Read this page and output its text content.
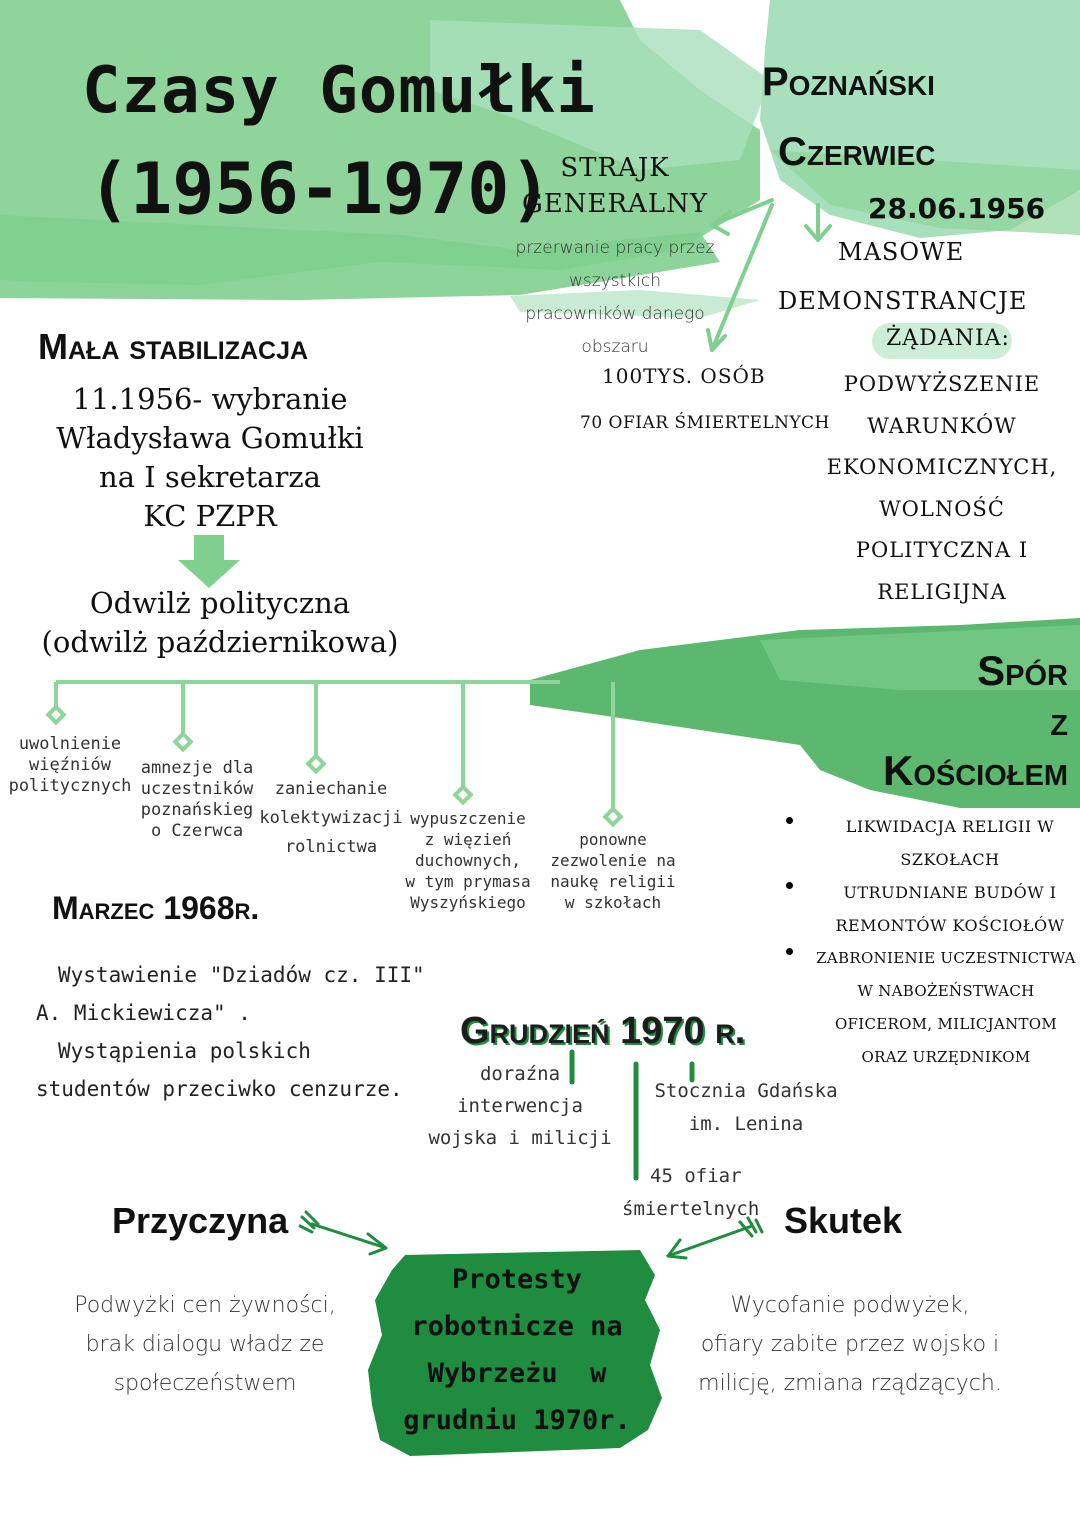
Czasy Gomułki
(1956-1970)
Poznański
Czerwiec
28.06.1956
MASOWE
DEMONSTRANCJE
ŻĄDANIA:
PODWYŻSZENIE
WARUNKÓW
EKONOMICZNYCH,
WOLNOŚĆ
POLITYCZNA I
RELIGIJNA
STRAJK
GENERALNY
przerwanie pracy przez
wszystkich
pracowników danego
obszaru
100TYS. OSÓB
70 OFIAR ŚMIERTELNYCH
Mała stabilizacja
11.1956- wybranie
Władysława Gomułki
na I sekretarza
KC PZPR
Odwilż polityczna
(odwilż październikowa)
uwolnienie
więźniów
politycznych
amnezje dla
uczestników
poznańskieg
o Czerwca
zaniechanie
kolektywizacji
rolnictwa
wypuszczenie
z więzień
duchownych,
w tym prymasa
Wyszyńskiego
ponowne
zezwolenie na
naukę religii
w szkołach
Spór
z
Kościołem
LIKWIDACJA RELIGII W
SZKOŁACH
UTRUDNIANE BUDÓW I
REMONTÓW KOŚCIOŁÓW
ZABRONIENIE UCZESTNICTWA
W NABOŻEŃSTWACH
OFICEROM, MILICJANTOM
ORAZ URZĘDNIKOM
Marzec 1968r.
Wystawienie "Dziadów cz. III"
A. Mickiewicza" .
Wystąpienia polskich
studentów przeciwko cenzurze.
Grudzień 1970 r.
doraźna
interwencja
wojska i milicji
Stocznia Gdańska
im. Lenina
45 ofiar
śmiertelnych
Przyczyna
Podwyżki cen żywności,
brak dialogu władz ze
społeczeństwem
Skutek
Wycofanie podwyżek,
ofiary zabite przez wojsko i
milicję, zmiana rządzących.
Protesty
robotnicze na
Wybrzeżu  w
grudniu 1970r.
